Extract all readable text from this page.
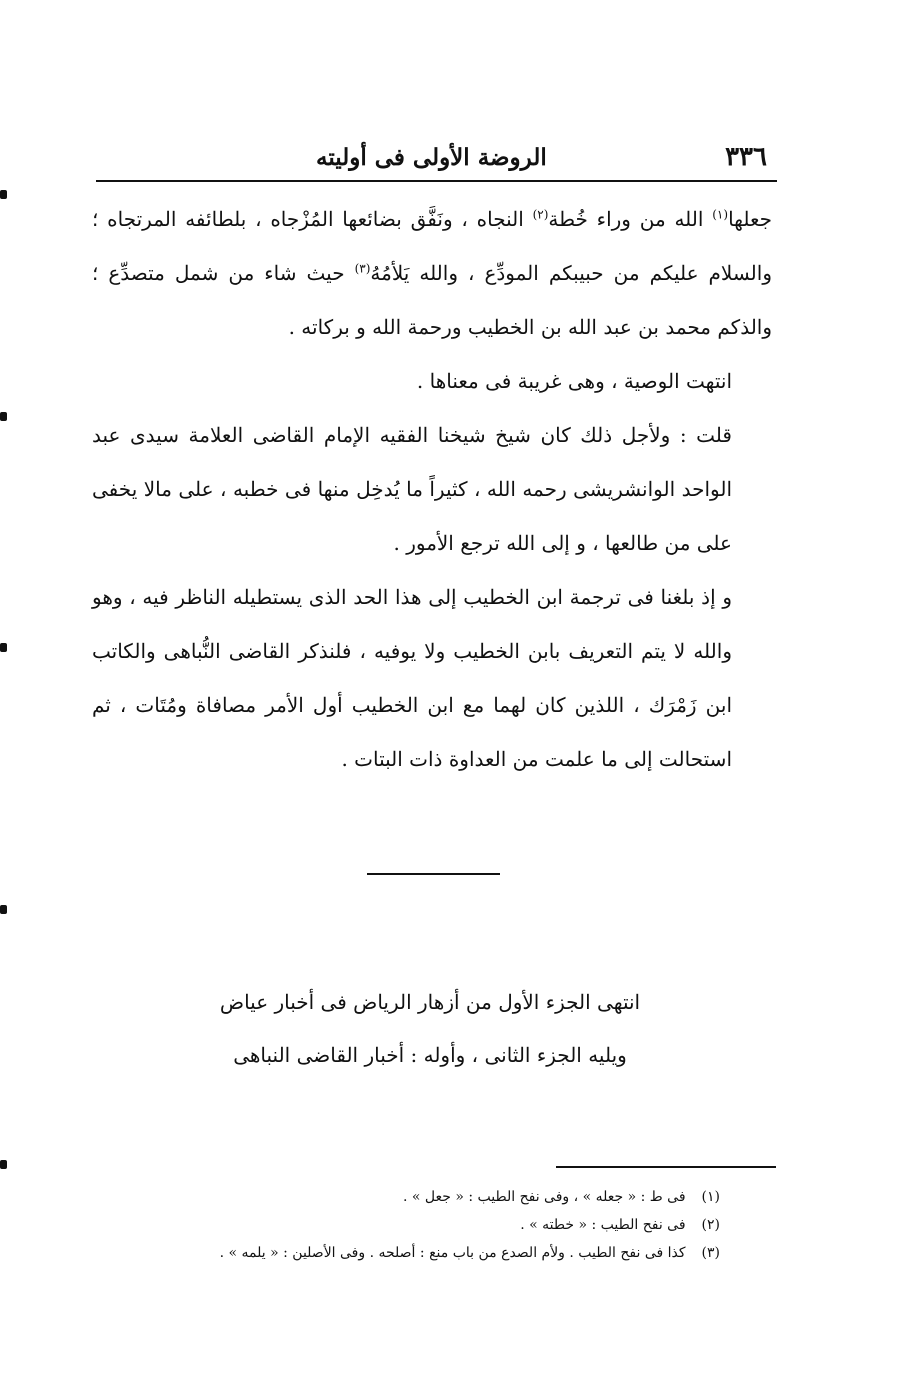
٣٣٦
الروضة الأولى فى أوليته

جعلها$^{(١)}$ الله من وراء خُطة$^{(٢)}$ النجاه ، ونَفَّق بضائعها المُزْجاه ، بلطائفه المرتجاه ؛ والسلام عليكم من حبيبكم المودِّع ، والله يَلأمُهُ$^{(٣)}$ حيث شاء من شمل متصدِّع ؛ والذكم محمد بن عبد الله بن الخطيب ورحمة الله و بركاته .

انتهت الوصية ، وهى غريبة فى معناها .

قلت : ولأجل ذلك كان شيخ شيخنا الفقيه الإمام القاضى العلامة سيدى عبد الواحد الوانشريشى رحمه الله ، كثيراً ما يُدخِل منها فى خطبه ، على مالا يخفى على من طالعها ، و إلى الله ترجع الأمور .

و إذ بلغنا فى ترجمة ابن الخطيب إلى هذا الحد الذى يستطيله الناظر فيه ، وهو والله لا يتم التعريف بابن الخطيب ولا يوفيه ، فلنذكر القاضى النُّباهى والكاتب ابن زَمْرَك ، اللذين كان لهما مع ابن الخطيب أول الأمر مصافاة ومُتَات ، ثم استحالت إلى ما علمت من العداوة ذات البتات .

انتهى الجزء الأول من أزهار الرياض فى أخبار عياض
ويليه الجزء الثانى ، وأوله : أخبار القاضى النباهى
(١) فى ط : « جعله » ، وفى نفح الطيب : « جعل » .
(٢) فى نفح الطيب : « خطته » .
(٣) كذا فى نفح الطيب . ولأم الصدع من باب منع : أصلحه . وفى الأصلين : « يلمه » .
